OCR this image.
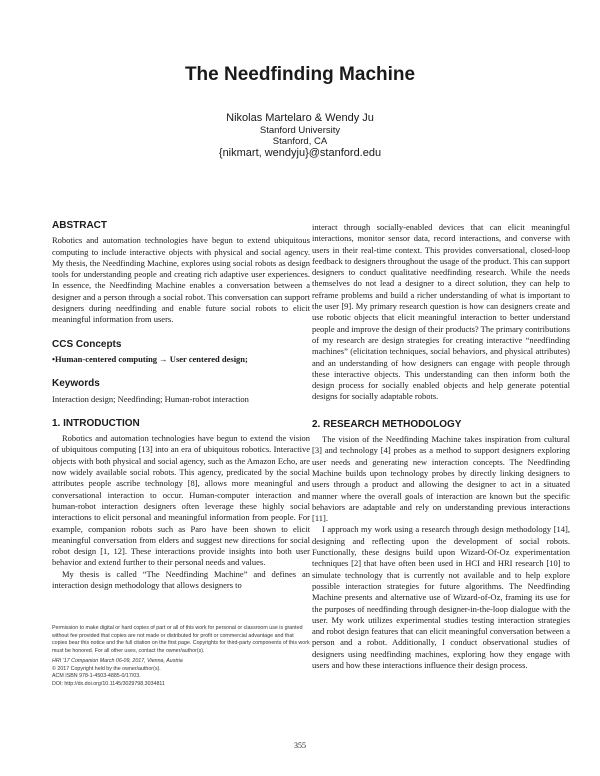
The Needfinding Machine
Nikolas Martelaro & Wendy Ju
Stanford University
Stanford, CA
{nikmart, wendyju}@stanford.edu
ABSTRACT

Robotics and automation technologies have begun to extend ubiquitous computing to include interactive objects with physical and social agency. My thesis, the Needfinding Machine, explores using social robots as design tools for understanding people and creating rich adaptive user experiences. In essence, the Needfinding Machine enables a conversation between a designer and a person through a social robot. This conversation can support designers during needfinding and enable future social robots to elicit meaningful information from users.

CCS Concepts

•Human-centered computing → User centered design;

Keywords

Interaction design; Needfinding; Human-robot interaction

1. INTRODUCTION

Robotics and automation technologies have begun to extend the vision of ubiquitous computing [13] into an era of ubiquitous robotics. Interactive objects with both physical and social agency, such as the Amazon Echo, are now widely available social robots. This agency, predicated by the social attributes people ascribe technology [8], allows more meaningful and conversational interaction to occur. Human-computer interaction and human-robot interaction designers often leverage these highly social interactions to elicit personal and meaningful information from people. For example, companion robots such as Paro have been shown to elicit meaningful conversation from elders and suggest new directions for social robot design [1, 12]. These interactions provide insights into both user behavior and extend further to their personal needs and values.

My thesis is called “The Needfinding Machine” and defines an interaction design methodology that allows designers to

interact through socially-enabled devices that can elicit meaningful interactions, monitor sensor data, record interactions, and converse with users in their real-time context. This provides conversational, closed-loop feedback to designers throughout the usage of the product. This can support designers to conduct qualitative needfinding research. While the needs themselves do not lead a designer to a direct solution, they can help to reframe problems and build a richer understanding of what is important to the user [9]. My primary research question is how can designers create and use robotic objects that elicit meaningful interaction to better understand people and improve the design of their products? The primary contributions of my research are design strategies for creating interactive “needfinding machines” (elicitation techniques, social behaviors, and physical attributes) and an understanding of how designers can engage with people through these interactive objects. This understanding can then inform both the design process for socially enabled objects and help generate potential designs for socially adaptable robots.

2. RESEARCH METHODOLOGY

The vision of the Needfinding Machine takes inspiration from cultural [3] and technology [4] probes as a method to support designers exploring user needs and generating new interaction concepts. The Needfinding Machine builds upon technology probes by directly linking designers to users through a product and allowing the designer to act in a situated manner where the overall goals of interaction are known but the specific behaviors are adaptable and rely on understanding previous interactions [11].

I approach my work using a research through design methodology [14], designing and reflecting upon the development of social robots. Functionally, these designs build upon Wizard-Of-Oz experimentation techniques [2] that have often been used in HCI and HRI research [10] to simulate technology that is currently not available and to help explore possible interaction strategies for future algorithms. The Needfinding Machine presents and alternative use of Wizard-of-Oz, framing its use for the purposes of needfinding through designer-in-the-loop dialogue with the user. My work utilizes experimental studies testing interaction strategies and robot design features that can elicit meaningful conversation between a person and a robot. Additionally, I conduct observational studies of designers using needfinding machines, exploring how they engage with users and how these interactions influence their design process.

Permission to make digital or hard copies of part or all of this work for personal or classroom use is granted without fee provided that copies are not made or distributed for profit or commercial advantage and that copies bear this notice and the full citation on the first page. Copyrights for third-party components of this work must be honored. For all other uses, contact the owner/author(s).
HRI ’17 Companion March 06-09, 2017, Vienna, Austria
© 2017 Copyright held by the owner/author(s).
ACM ISBN 978-1-4503-4885-0/17/03.
DOI: http://dx.doi.org/10.1145/3029798.3034811
355
